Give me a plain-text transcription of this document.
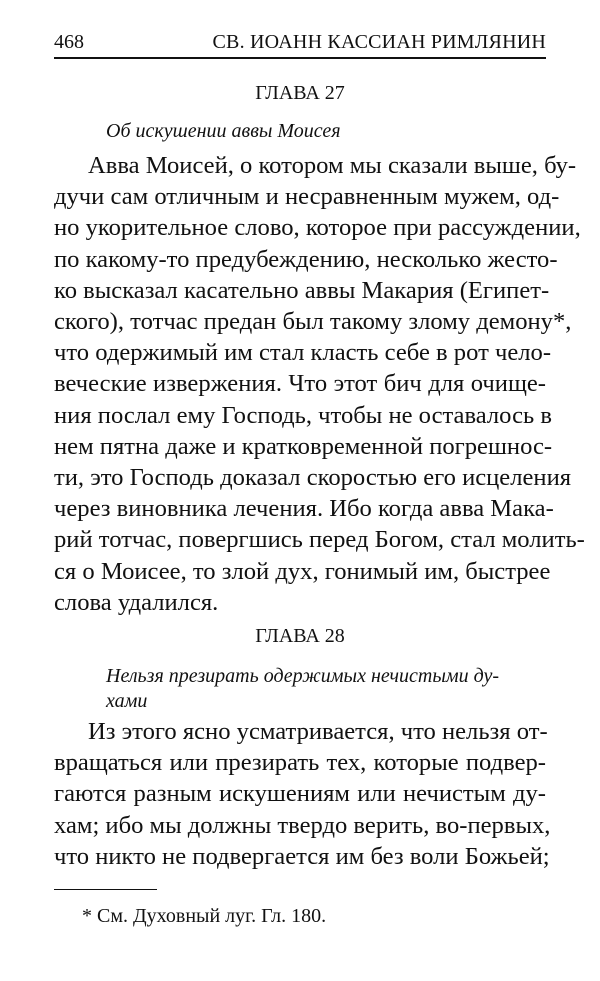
468	СВ. ИОАНН КАССИАН РИМЛЯНИН
ГЛАВА 27
Об искушении аввы Моисея
Авва Моисей, о котором мы сказали выше, бу-
дучи сам отличным и несравненным мужем, од-
но укорительное слово, которое при рассуждении,
по какому-то предубеждению, несколько жесто-
ко высказал касательно аввы Макария (Египет-
ского), тотчас предан был такому злому демону*,
что одержимый им стал класть себе в рот чело-
веческие извержения. Что этот бич для очище-
ния послал ему Господь, чтобы не оставалось в
нем пятна даже и кратковременной погрешнос-
ти, это Господь доказал скоростью его исцеления
через виновника лечения. Ибо когда авва Мака-
рий тотчас, повергшись перед Богом, стал молить-
ся о Моисее, то злой дух, гонимый им, быстрее
слова удалился.
ГЛАВА 28
Нельзя презирать одержимых нечистыми ду-
хами
Из этого ясно усматривается, что нельзя от-
вращаться или презирать тех, которые подвер-
гаются разным искушениям или нечистым ду-
хам; ибо мы должны твердо верить, во-первых,
что никто не подвергается им без воли Божьей;
* См. Духовный луг. Гл. 180.
